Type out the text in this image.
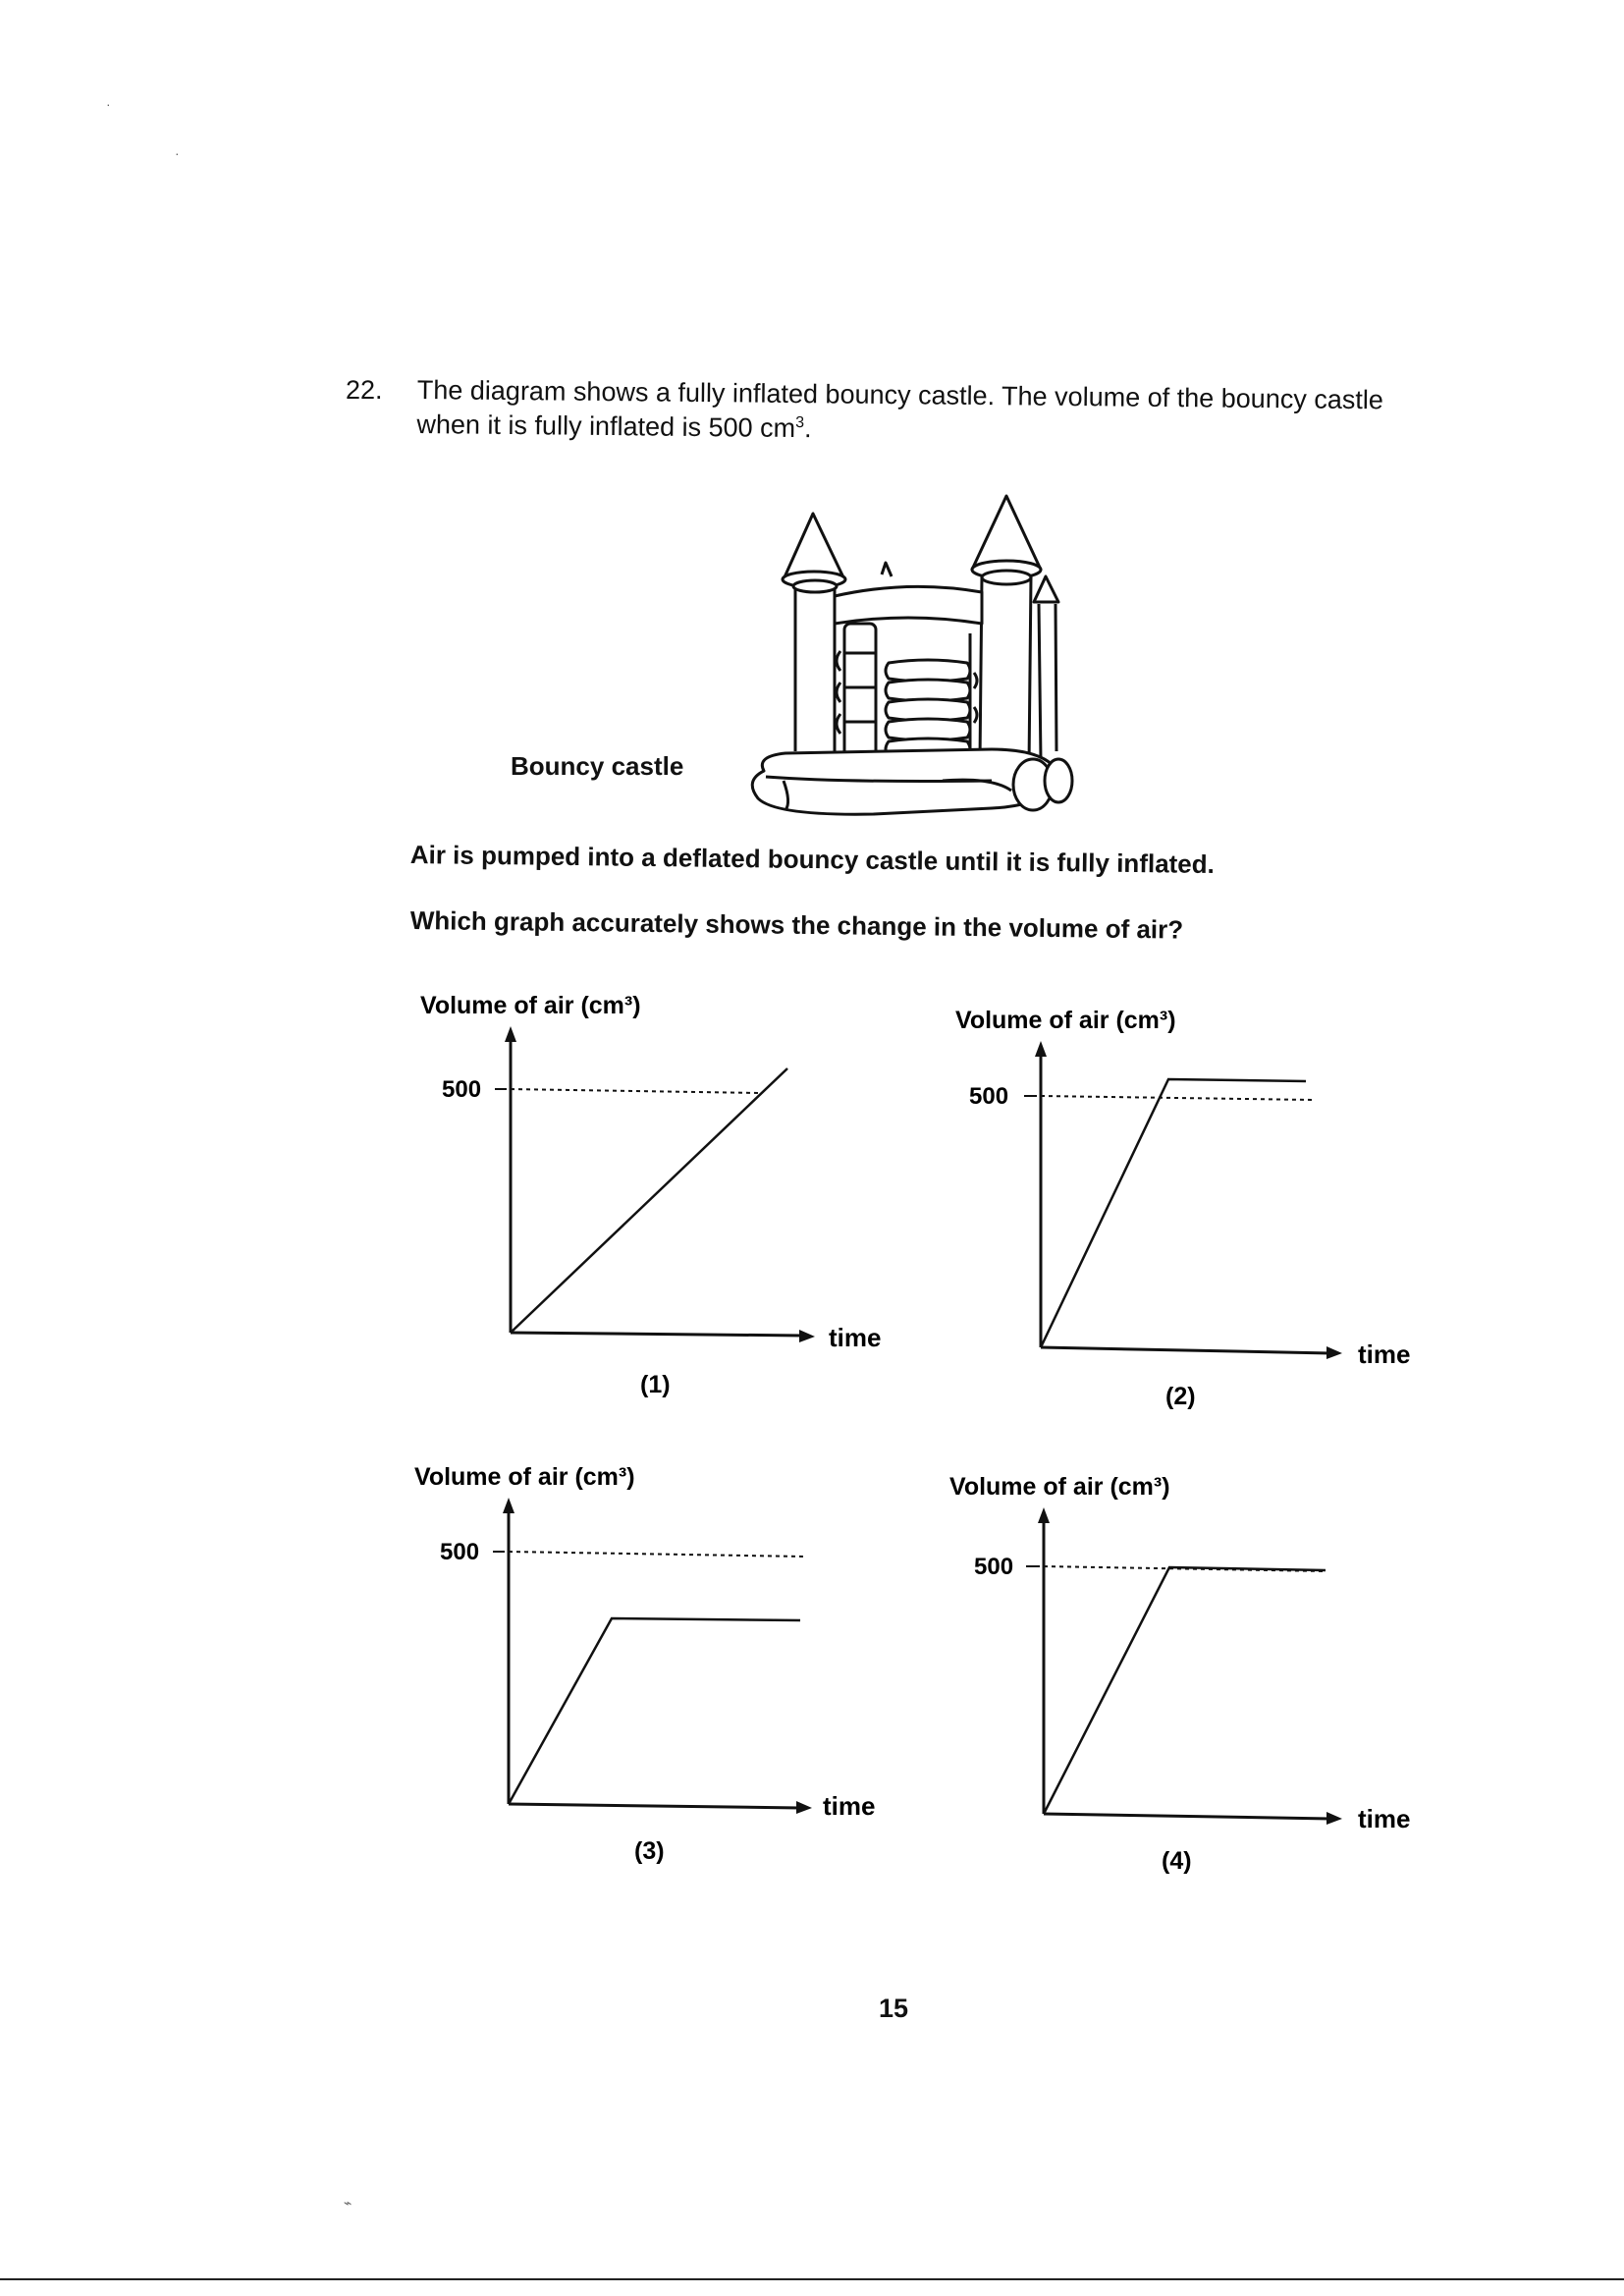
22. The diagram shows a fully inflated bouncy castle. The volume of the bouncy castle
when it is fully inflated is 500 $cm^3$.
Bouncy castle
Air is pumped into a deflated bouncy castle until it is fully inflated.
Which graph accurately shows the change in the volume of air?
Volume of air (cm³)
time
500
(1)
Volume of air (cm³)
time
500
(2)
Volume of air (cm³)
time
500
(3)
Volume of air (cm³)
time
500
(4)
15
·
·
⌁
